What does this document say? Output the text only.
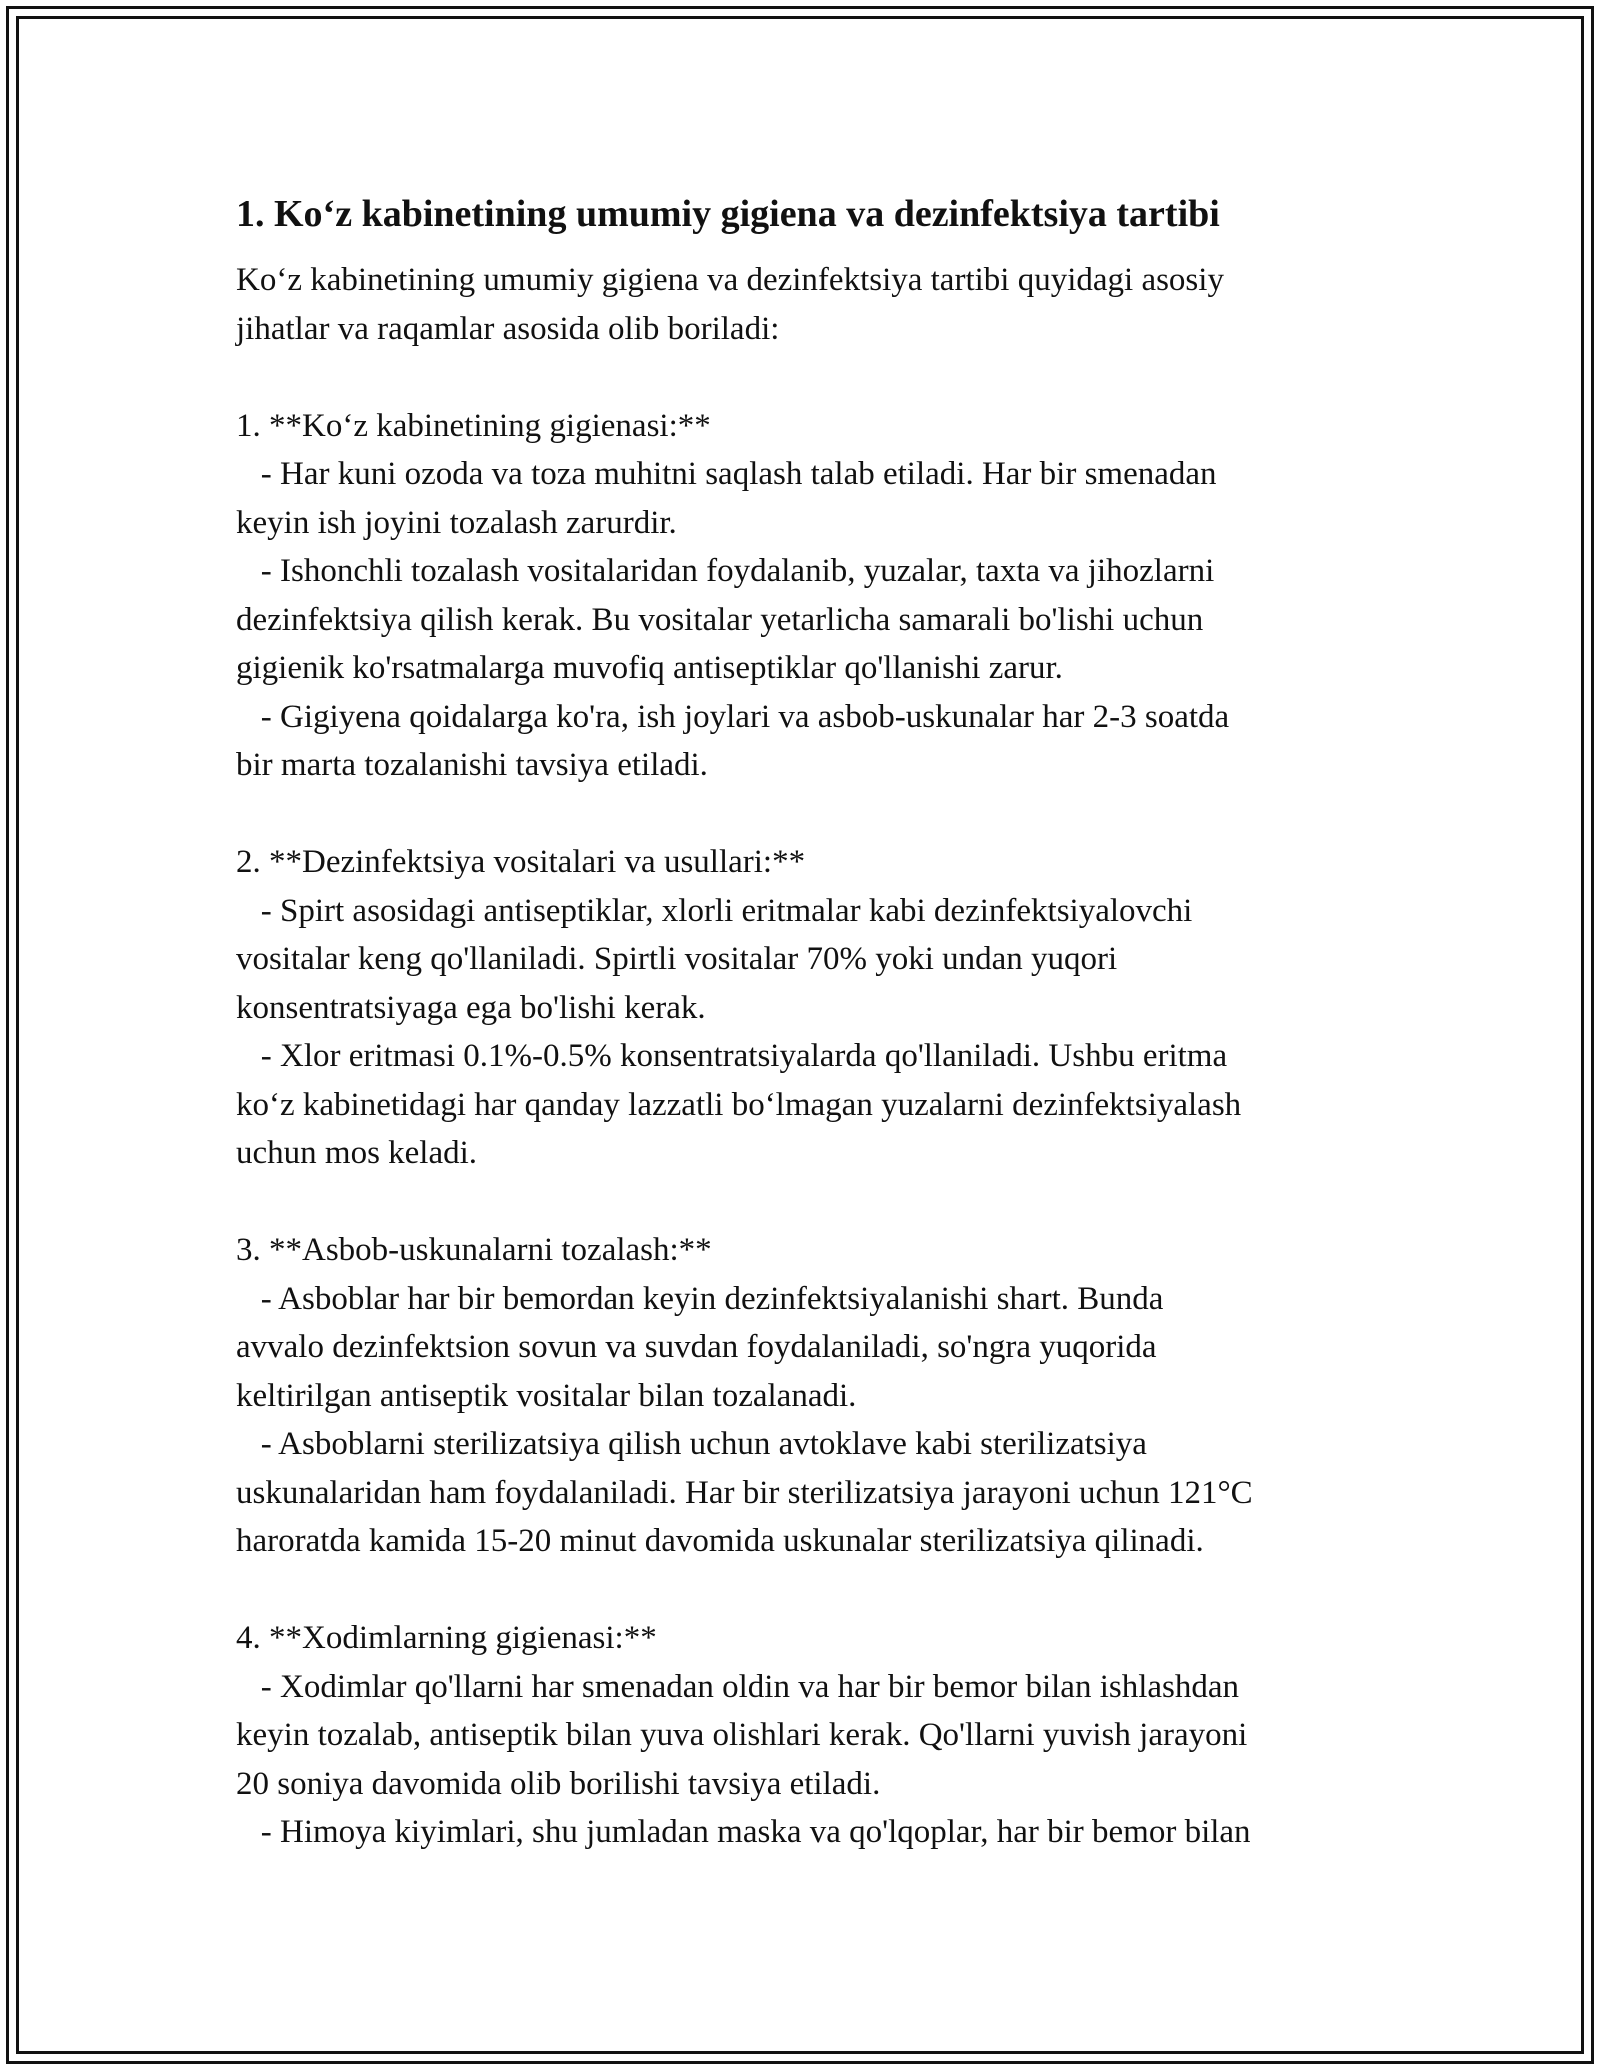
1. Koʻz kabinetining umumiy gigiena va dezinfektsiya tartibi
Koʻz kabinetining umumiy gigiena va dezinfektsiya tartibi quyidagi asosiy
jihatlar va raqamlar asosida olib boriladi:
1. **Koʻz kabinetining gigienasi:**
- Har kuni ozoda va toza muhitni saqlash talab etiladi. Har bir smenadan
keyin ish joyini tozalash zarurdir.
- Ishonchli tozalash vositalaridan foydalanib, yuzalar, taxta va jihozlarni
dezinfektsiya qilish kerak. Bu vositalar yetarlicha samarali bo'lishi uchun
gigienik ko'rsatmalarga muvofiq antiseptiklar qo'llanishi zarur.
- Gigiyena qoidalarga ko'ra, ish joylari va asbob-uskunalar har 2-3 soatda
bir marta tozalanishi tavsiya etiladi.
2. **Dezinfektsiya vositalari va usullari:**
- Spirt asosidagi antiseptiklar, xlorli eritmalar kabi dezinfektsiyalovchi
vositalar keng qo'llaniladi. Spirtli vositalar 70% yoki undan yuqori
konsentratsiyaga ega bo'lishi kerak.
- Xlor eritmasi 0.1%-0.5% konsentratsiyalarda qo'llaniladi. Ushbu eritma
koʻz kabinetidagi har qanday lazzatli boʻlmagan yuzalarni dezinfektsiyalash
uchun mos keladi.
3. **Asbob-uskunalarni tozalash:**
- Asboblar har bir bemordan keyin dezinfektsiyalanishi shart. Bunda
avvalo dezinfektsion sovun va suvdan foydalaniladi, so'ngra yuqorida
keltirilgan antiseptik vositalar bilan tozalanadi.
- Asboblarni sterilizatsiya qilish uchun avtoklave kabi sterilizatsiya
uskunalaridan ham foydalaniladi. Har bir sterilizatsiya jarayoni uchun 121°C
haroratda kamida 15-20 minut davomida uskunalar sterilizatsiya qilinadi.
4. **Xodimlarning gigienasi:**
- Xodimlar qo'llarni har smenadan oldin va har bir bemor bilan ishlashdan
keyin tozalab, antiseptik bilan yuva olishlari kerak. Qo'llarni yuvish jarayoni
20 soniya davomida olib borilishi tavsiya etiladi.
- Himoya kiyimlari, shu jumladan maska va qo'lqoplar, har bir bemor bilan
